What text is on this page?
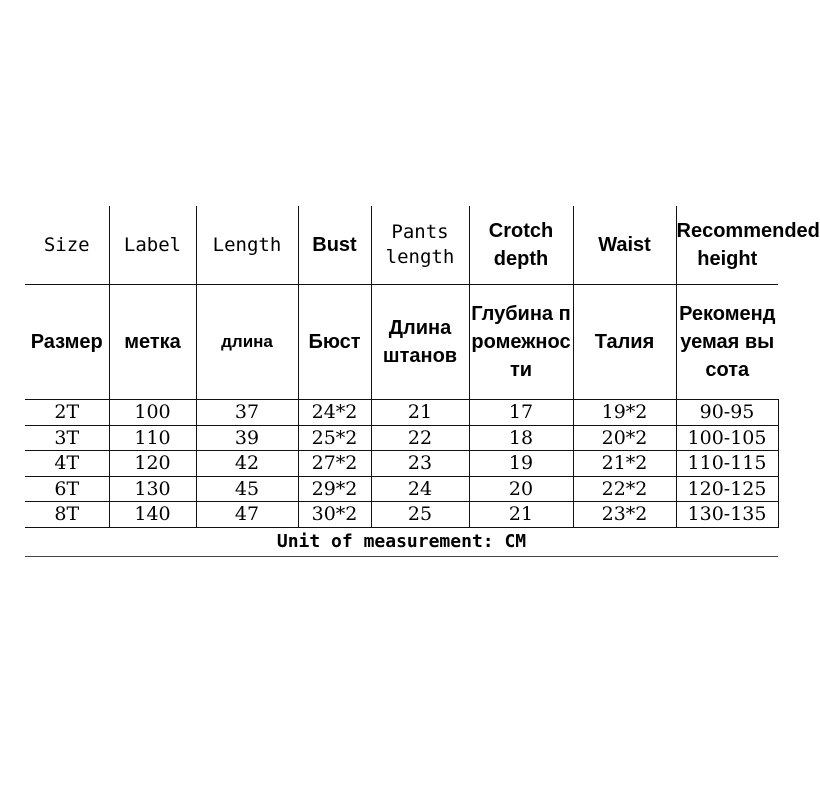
Size	Label	Length	Bust	Pants length	Crotch depth	Waist	Recommended height
Размер	метка	длина	Бюст	Длина штанов	Глубина промежности	Талия	Рекомендуемая высота
2T	100	37	24*2	21	17	19*2	90-95
3T	110	39	25*2	22	18	20*2	100-105
4T	120	42	27*2	23	19	21*2	110-115
6T	130	45	29*2	24	20	22*2	120-125
8T	140	47	30*2	25	21	23*2	130-135
Unit of measurement: CM
